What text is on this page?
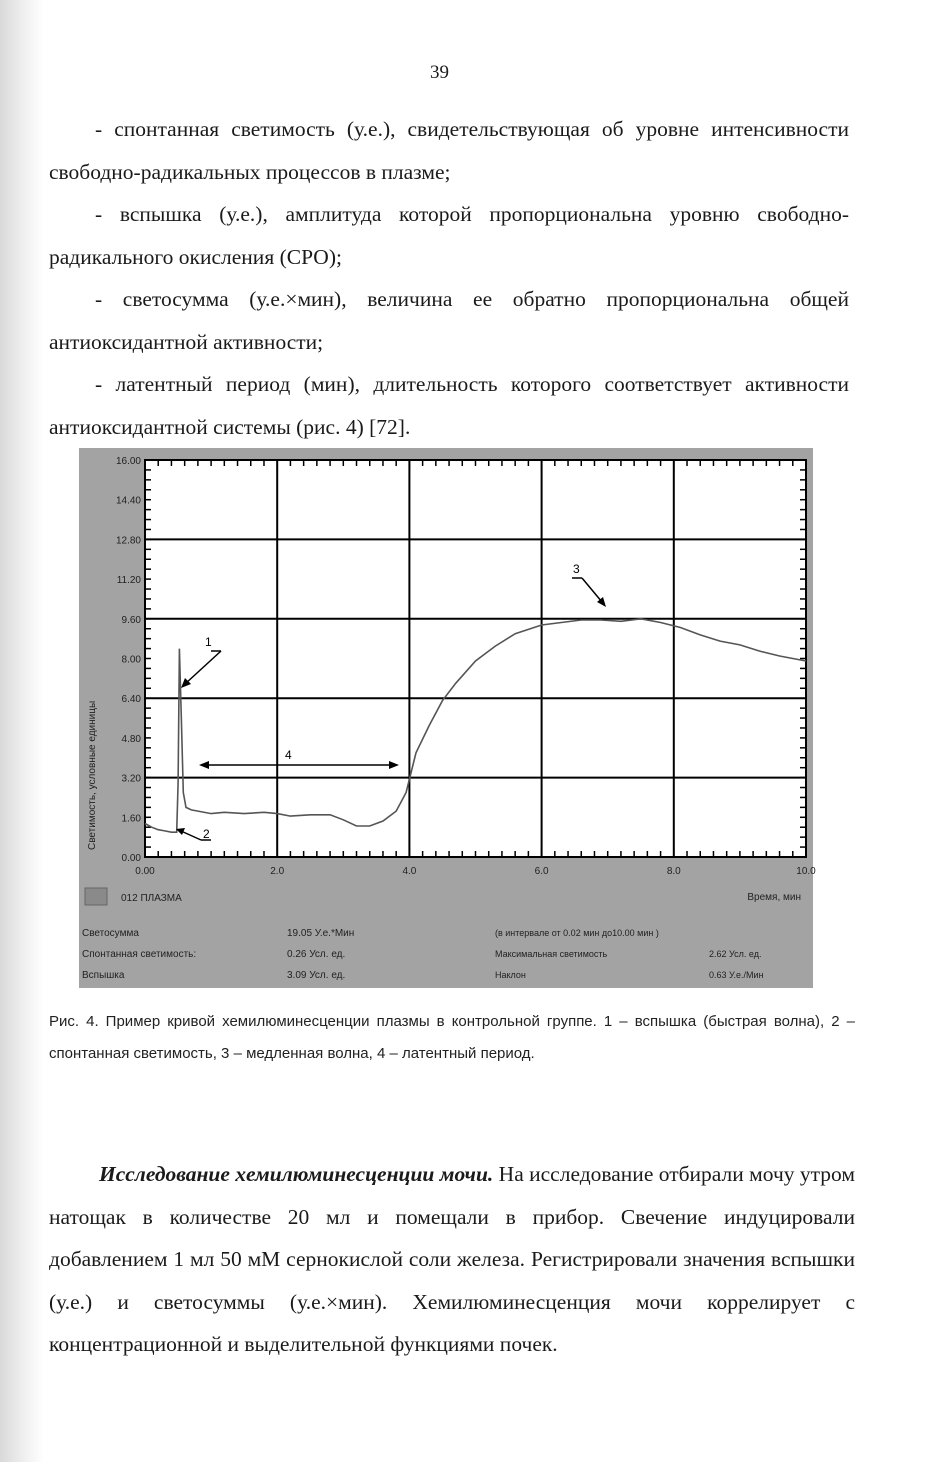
39
- спонтанная светимость (у.е.), свидетельствующая об уровне интенсивности свободно-радикальных процессов в плазме;
- вспышка (у.е.), амплитуда которой пропорциональна уровню свободно-радикального окисления (СРО);
- светосумма (у.е.×мин), величина ее обратно пропорциональна общей антиоксидантной активности;
- латентный период (мин), длительность которого соответствует активности антиоксидантной системы (рис. 4) [72].
0.00
1.60
3.20
4.80
6.40
8.00
9.60
11.20
12.80
14.40
16.00
0.00	2.0	4.0	6.0	8.0	10.0
1
2
3
4
Светимость, условные единицы
Время, мин
012 ПЛАЗМА
Светосумма	19.05 У.е.*Мин	(в интервале от 0.02 мин до10.00 мин )
Спонтанная светимость:	0.26 Усл. ед.	Максимальная светимость	2.62 Усл. ед.
Вспышка	3.09 Усл. ед.	Наклон	0.63 У.е./Мин
Рис. 4. Пример кривой хемилюминесценции плазмы в контрольной группе. 1 – вспышка (быстрая волна), 2 – спонтанная светимость, 3 – медленная волна, 4 – латентный период.
Исследование хемилюминесценции мочи. На исследование отбирали мочу утром натощак в количестве 20 мл и помещали в прибор. Свечение индуцировали добавлением 1 мл 50 мМ сернокислой соли железа. Регистрировали значения вспышки (у.е.) и светосуммы (у.е.×мин). Хемилюминесценция мочи коррелирует с концентрационной и выделительной функциями почек.
